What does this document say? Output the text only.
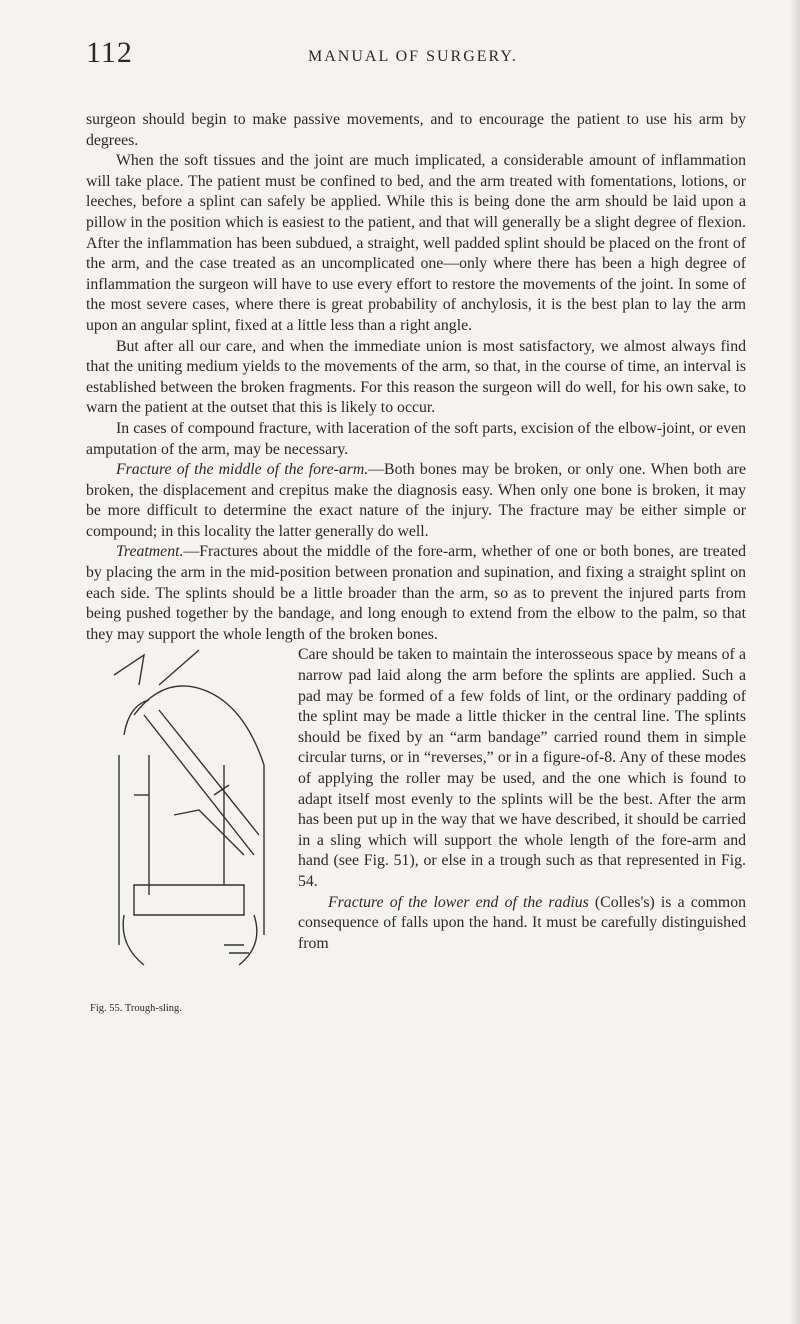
112	MANUAL OF SURGERY.

surgeon should begin to make passive movements, and to encourage the patient to use his arm by degrees.

When the soft tissues and the joint are much implicated, a considerable amount of inflammation will take place. The patient must be confined to bed, and the arm treated with fomentations, lotions, or leeches, before a splint can safely be applied. While this is being done the arm should be laid upon a pillow in the position which is easiest to the patient, and that will generally be a slight degree of flexion. After the inflammation has been subdued, a straight, well padded splint should be placed on the front of the arm, and the case treated as an uncomplicated one—only where there has been a high degree of inflammation the surgeon will have to use every effort to restore the movements of the joint. In some of the most severe cases, where there is great probability of anchylosis, it is the best plan to lay the arm upon an angular splint, fixed at a little less than a right angle.

But after all our care, and when the immediate union is most satisfactory, we almost always find that the uniting medium yields to the movements of the arm, so that, in the course of time, an interval is established between the broken fragments. For this reason the surgeon will do well, for his own sake, to warn the patient at the outset that this is likely to occur.

In cases of compound fracture, with laceration of the soft parts, excision of the elbow-joint, or even amputation of the arm, may be necessary.

Fracture of the middle of the fore-arm.—Both bones may be broken, or only one. When both are broken, the displacement and crepitus make the diagnosis easy. When only one bone is broken, it may be more difficult to determine the exact nature of the injury. The fracture may be either simple or compound; in this locality the latter generally do well.

Treatment.—Fractures about the middle of the fore-arm, whether of one or both bones, are treated by placing the arm in the mid-position between pronation and supination, and fixing a straight splint on each side. The splints should be a little broader than the arm, so as to prevent the injured parts from being pushed together by the bandage, and long enough to extend from the elbow to the palm, so that they may support the whole length of the broken bones.

Fig. 55. Trough-sling.

Care should be taken to maintain the interosseous space by means of a narrow pad laid along the arm before the splints are applied. Such a pad may be formed of a few folds of lint, or the ordinary padding of the splint may be made a little thicker in the central line. The splints should be fixed by an “arm bandage” carried round them in simple circular turns, or in “reverses,” or in a figure-of-8. Any of these modes of applying the roller may be used, and the one which is found to adapt itself most evenly to the splints will be the best. After the arm has been put up in the way that we have described, it should be carried in a sling which will support the whole length of the fore-arm and hand (see Fig. 51), or else in a trough such as that represented in Fig. 54.

Fracture of the lower end of the radius (Colles's) is a common consequence of falls upon the hand. It must be carefully distinguished from
